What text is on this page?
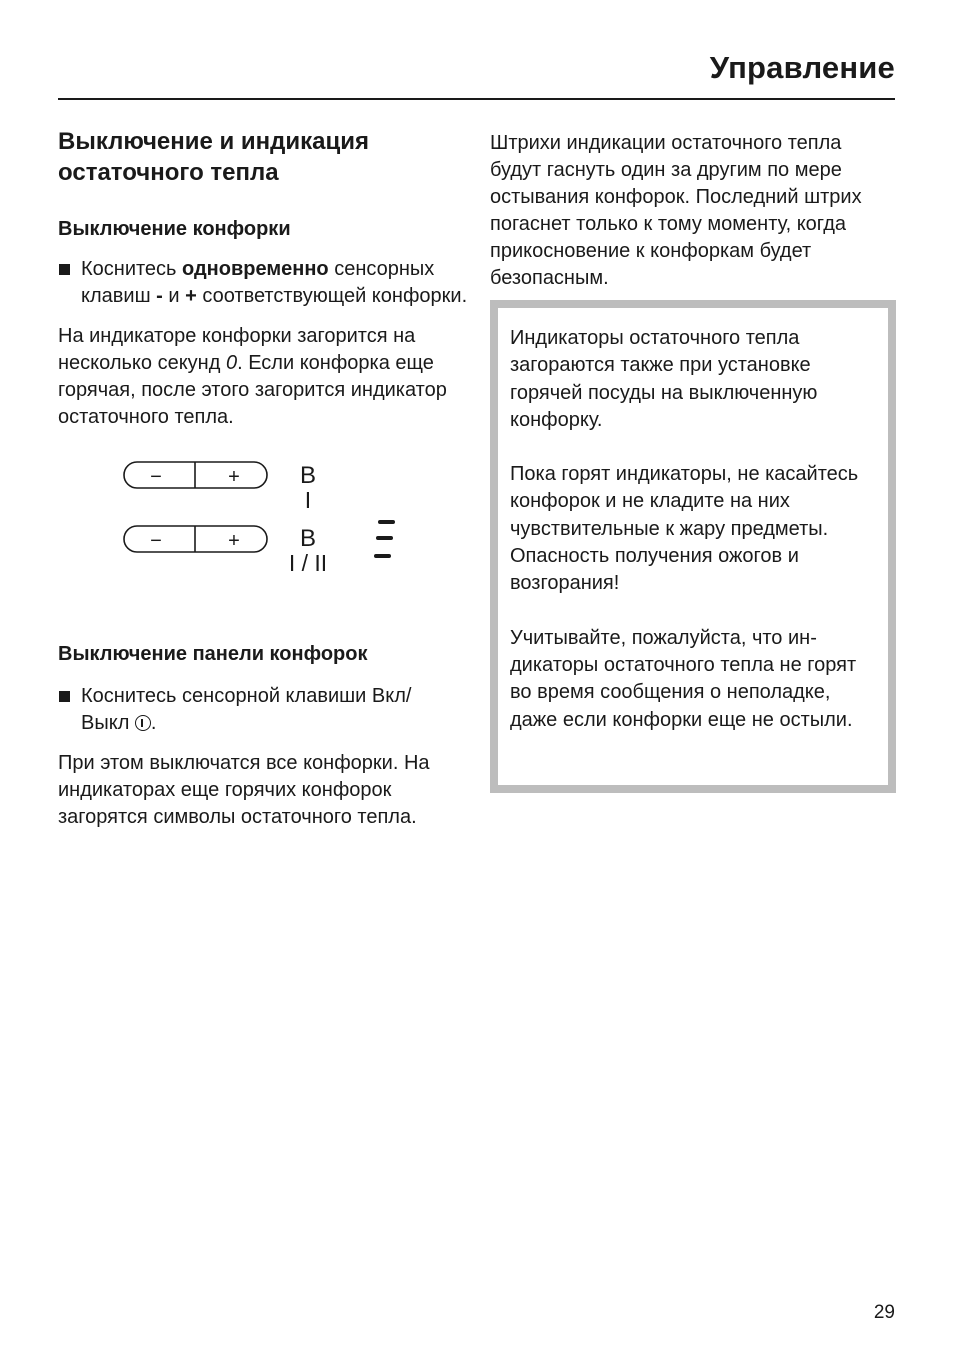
Управление
Выключение и индикация остаточного тепла
Выключение конфорки

Коснитесь одновременно сенсорных клавиш - и + соответствующей конфорки.

На индикаторе конфорки загорится на несколько секунд 0. Если конфорка еще горячая, после этого загорится индикатор остаточного тепла.

−	+	B
I
−	+	B
I / II
Выключение панели конфорок

Коснитесь сенсорной клавиши Вкл/Выкл .

При этом выключатся все конфорки. На индикаторах еще горячих конфорок загорятся символы остаточного тепла.

Штрихи индикации остаточного тепла будут гаснуть один за другим по мере остывания конфорок. Последний штрих погаснет только к тому моменту, когда прикосновение к конфоркам будет безопасным.

Индикаторы остаточного тепла загораются также при установке горячей посуды на выключенную конфорку.

Пока горят индикаторы, не касайтесь конфорок и не кладите на них чувствительные к жару предметы.

Опасность получения ожогов и возгорания!

Учитывайте, пожалуйста, что индикаторы остаточного тепла не горят во время сообщения о неполадке, даже если конфорки еще не остыли.

29
